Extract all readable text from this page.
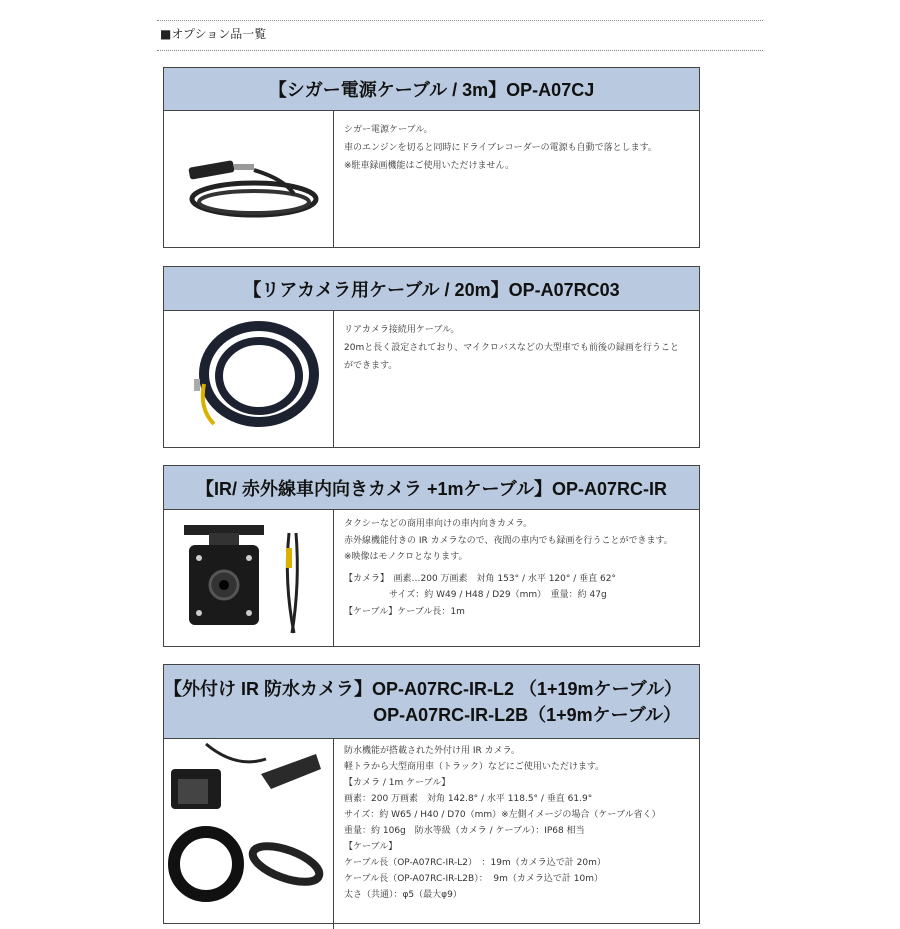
■オプション品一覧
【シガー電源ケーブル / 3m】OP-A07CJ

シガー電源ケーブル。

車のエンジンを切ると同時にドライブレコーダーの電源も自動で落とします。

※駐車録画機能はご使用いただけません。

【リアカメラ用ケーブル / 20m】OP-A07RC03

リアカメラ接続用ケーブル。

20mと長く設定されており、マイクロバスなどの大型車でも前後の録画を行うこと

ができます。

【IR/ 赤外線車内向きカメラ +1mケーブル】OP-A07RC-IR

タクシーなどの商用車向けの車内向きカメラ。

赤外線機能付きの IR カメラなので、夜間の車内でも録画を行うことができます。

※映像はモノクロとなります。

【カメラ】　画素…200 万画素　対角 153° / 水平 120° / 垂直 62°

　　　　　サイズ：約 W49 / H48 / D29（mm）　重量：約 47g

【ケーブル】ケーブル長：1m

【外付け IR 防水カメラ】OP-A07RC-IR-L2 （1+19mケーブル）
OP-A07RC-IR-L2B（1+9mケーブル）

防水機能が搭載された外付け用 IR カメラ。

軽トラから大型商用車（トラック）などにご使用いただけます。

【カメラ / 1m ケーブル】

画素：200 万画素　対角 142.8° / 水平 118.5° / 垂直 61.9°

サイズ：約 W65 / H40 / D70（mm）※左側イメージの場合（ケーブル省く）

重量：約 106g　防水等級（カメラ / ケーブル）：IP68 相当

【ケーブル】

ケーブル長（OP-A07RC-IR-L2）　：19m（カメラ込で計 20m）

ケーブル長（OP-A07RC-IR-L2B）：  9m（カメラ込で計 10m）

太さ（共通）：φ5（最大φ9）
